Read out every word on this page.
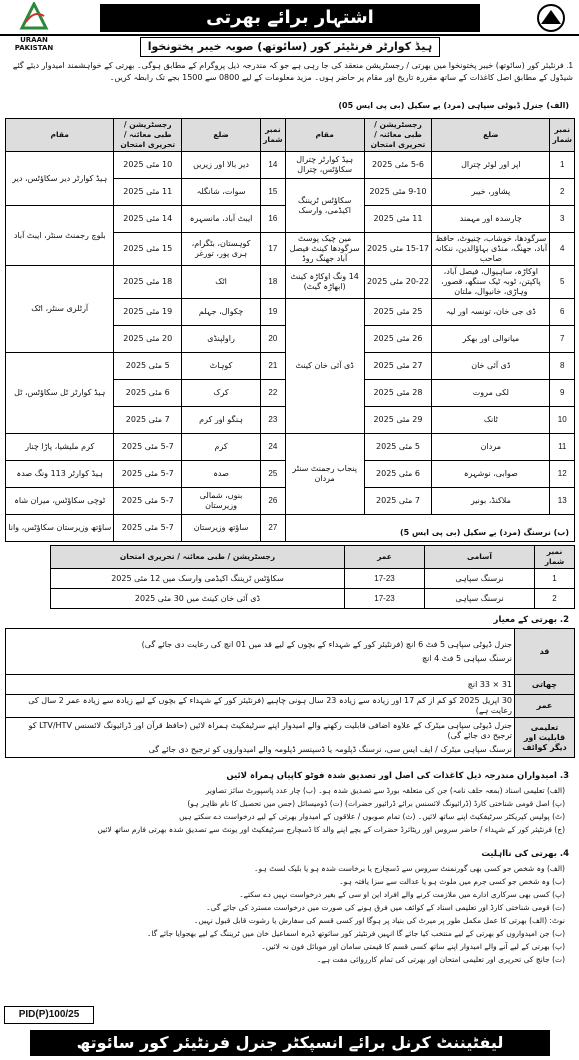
URAAN PAKISTAN
اشتہار برائے بھرتی
ہیڈ کوارٹر فرنٹیئر کور (سائوتھ) صوبہ خیبر پختونخوا
1. فرنٹیئر کور (سائوتھ) خیبر پختونخوا میں بھرتی / رجسٹریشن منعقد کی جا رہی ہے جو کہ مندرجہ ذیل پروگرام کے مطابق ہوگی۔ بھرتی کے خواہشمند امیدوار دیئے گئے شیڈول کے مطابق اصل کاغذات کے ساتھ مقررہ تاریخ اور مقام پر حاضر ہوں۔ مزید معلومات کے لیے 0800 سے 1500 بجے تک رابطہ کریں۔
(الف) جنرل ڈیوٹی سپاہی (مرد) بے سکیل (بی پی ایس 05)
نمبر شمار	ضلع	رجسٹریشن / طبی معائنہ / تحریری امتحان	مقام	نمبر شمار	ضلع	رجسٹریشن / طبی معائنہ / تحریری امتحان	مقام
1	اپر اور لوئر چترال	5-6 مئی 2025	ہیڈ کوارٹر چترال سکاؤٹس، چترال	14	دیر بالا اور زیریں	10 مئی 2025	ہیڈ کوارٹر دیر سکاؤٹس، دیر
2	پشاور، خیبر	9-10 مئی 2025	سکاؤٹس ٹریننگ اکیڈمی، وارسک	15	سوات، شانگلہ	11 مئی 2025	
3	چارسدہ اور مہمند	11 مئی 2025		16	ایبٹ آباد، مانسہرہ	14 مئی 2025	بلوچ رجمنٹ سنٹر، ایبٹ آباد
4	سرگودھا، خوشاب، چنیوٹ، حافظ آباد، جھنگ، منڈی بہاؤالدین، ننکانہ صاحب	15-17 مئی 2025	مین چیک پوسٹ سرگودھا کینٹ فیصل آباد جھنگ روڈ	17	کوہستان، بٹگرام، ہری پور، تورغر	15 مئی 2025	
5	اوکاڑہ، ساہیوال، فیصل آباد، پاکپتن، ٹوبہ ٹیک سنگھ، قصور، وہاڑی، خانیوال، ملتان	20-22 مئی 2025	14 ونگ اوکاڑہ کینٹ (ابھاڑہ گیٹ)	18	اٹک	18 مئی 2025	آرٹلری سنٹر، اٹک
6	ڈی جی خان، تونسہ اور لیہ	25 مئی 2025	ڈی آئی خان کینٹ	19	چکوال، جہلم	19 مئی 2025	
7	میانوالی اور بھکر	26 مئی 2025		20	راولپنڈی	20 مئی 2025	
8	ڈی آئی خان	27 مئی 2025		21	کوہاٹ	5 مئی 2025	ہیڈ کوارٹر ٹل سکاؤٹس، ٹل
9	لکی مروت	28 مئی 2025		22	کرک	6 مئی 2025	
10	ٹانک	29 مئی 2025		23	ہنگو اور کرم	7 مئی 2025	
11	مردان	5 مئی 2025	پنجاب رجمنٹ سنٹر مردان	24	کرم	5-7 مئی 2025	کرم ملیشیا، پاڑا چنار
12	صوابی، نوشہرہ	6 مئی 2025		25	صدہ	5-7 مئی 2025	ہیڈ کوارٹر 113 ونگ صدہ
13	ملاکنڈ، بونیر	7 مئی 2025		26	بنوں، شمالی وزیرستان	5-7 مئی 2025	ٹوچی سکاؤٹس، میران شاہ
				27	ساؤتھ وزیرستان	5-7 مئی 2025	ساؤتھ وزیرستان سکاؤٹس، وانا
(ب) نرسنگ (مرد) بے سکیل (بی پی ایس 5)
نمبر شمار	آسامی	عمر	رجسٹریشن / طبی معائنہ / تحریری امتحان
1	نرسنگ سپاہی	17-23	سکاؤٹس ٹریننگ اکیڈمی وارسک میں 12 مئی 2025
2	نرسنگ سپاہی	17-23	ڈی آئی خان کینٹ میں 30 مئی 2025
2. بھرتی کے معیار
قد	جنرل ڈیوٹی سپاہی 5 فٹ 6 انچ (فرنٹیئر کور کے شہداء کے بچوں کے لیے قد میں 01 انچ کی رعایت دی جائے گی)
نرسنگ سپاہی 5 فٹ 4 انچ

چھاتی	31 × 33 انچ
عمر	30 اپریل 2025 کو کم از کم 17 اور زیادہ سے زیادہ 23 سال ہونی چاہیے (فرنٹیئر کور کے شہداء کے بچوں کے لیے زیادہ سے زیادہ عمر 2 سال کی رعایت ہے)
تعلیمی قابلیت اور دیگر کوائف	جنرل ڈیوٹی سپاہی میٹرک کے علاوہ اضافی قابلیت رکھنے والے امیدوار اپنے سرٹیفکیٹ ہمراہ لائیں (حافظ قرآن اور ڈرائیونگ لائسنس LTV/HTV کو ترجیح دی جائے گی)
نرسنگ سپاہی میٹرک / ایف ایس سی، نرسنگ ڈپلومہ یا ڈسپنسر ڈپلومہ والے امیدواروں کو ترجیح دی جائے گی
3. امیدواران مندرجہ ذیل کاغذات کی اصل اور تصدیق شدہ فوٹو کاپیاں ہمراہ لائیں
(الف) تعلیمی اسناد (بمعہ حلف نامہ) جن کی متعلقہ بورڈ سے تصدیق شدہ ہو۔ (ب) چار عدد پاسپورٹ سائز تصاویر
(پ) اصل قومی شناختی کارڈ (ڈرائیونگ لائسنس برائے ڈرائیور حضرات) (ت) ڈومیسائل (جس میں تحصیل کا نام ظاہر ہو)
(ٹ) پولیس کیریکٹر سرٹیفکیٹ اپنے ساتھ لائیں۔ (ث) تمام صوبوں / علاقوں کے امیدوار بھرتی کے لیے درخواست دے سکتے ہیں
(ج) فرنٹیئر کور کے شہداء / حاضر سروس اور ریٹائرڈ حضرات کے بچے اپنے والد کا ڈسچارج سرٹیفکیٹ اور یونٹ سے تصدیق شدہ بھرتی فارم ساتھ لائیں
4. بھرتی کی نااہلیت
(الف) وہ شخص جو کسی بھی گورنمنٹ سروس سے ڈسچارج یا برخاست شدہ ہو یا بلیک لسٹ ہو۔
(ب) وہ شخص جو کسی جرم میں ملوث ہو یا عدالت سے سزا یافتہ ہو۔
(پ) کسی بھی سرکاری ادارے میں ملازمت کرنے والے افراد این او سی کے بغیر درخواست نہیں دے سکتے۔
(ت) قومی شناختی کارڈ اور تعلیمی اسناد کے کوائف میں فرق ہونے کی صورت میں درخواست مسترد کی جائے گی۔
نوٹ: (الف) بھرتی کا عمل مکمل طور پر میرٹ کی بنیاد پر ہوگا اور کسی قسم کی سفارش یا رشوت قابل قبول نہیں۔
(ب) جن امیدواروں کو بھرتی کے لیے منتخب کیا جائے گا انہیں فرنٹیئر کور سائوتھ ڈیرہ اسماعیل خان میں ٹریننگ کے لیے بھجوایا جائے گا۔
(پ) بھرتی کے لیے آنے والے امیدوار اپنے ساتھ کسی قسم کا قیمتی سامان اور موبائل فون نہ لائیں۔
(ت) جانچ کی تحریری اور تعلیمی امتحان اور بھرتی کی تمام کارروائی مفت ہے۔
PID(P)100/25
لیفٹیننٹ کرنل برائے انسپکٹر جنرل فرنٹیئر کور سائوتھ
